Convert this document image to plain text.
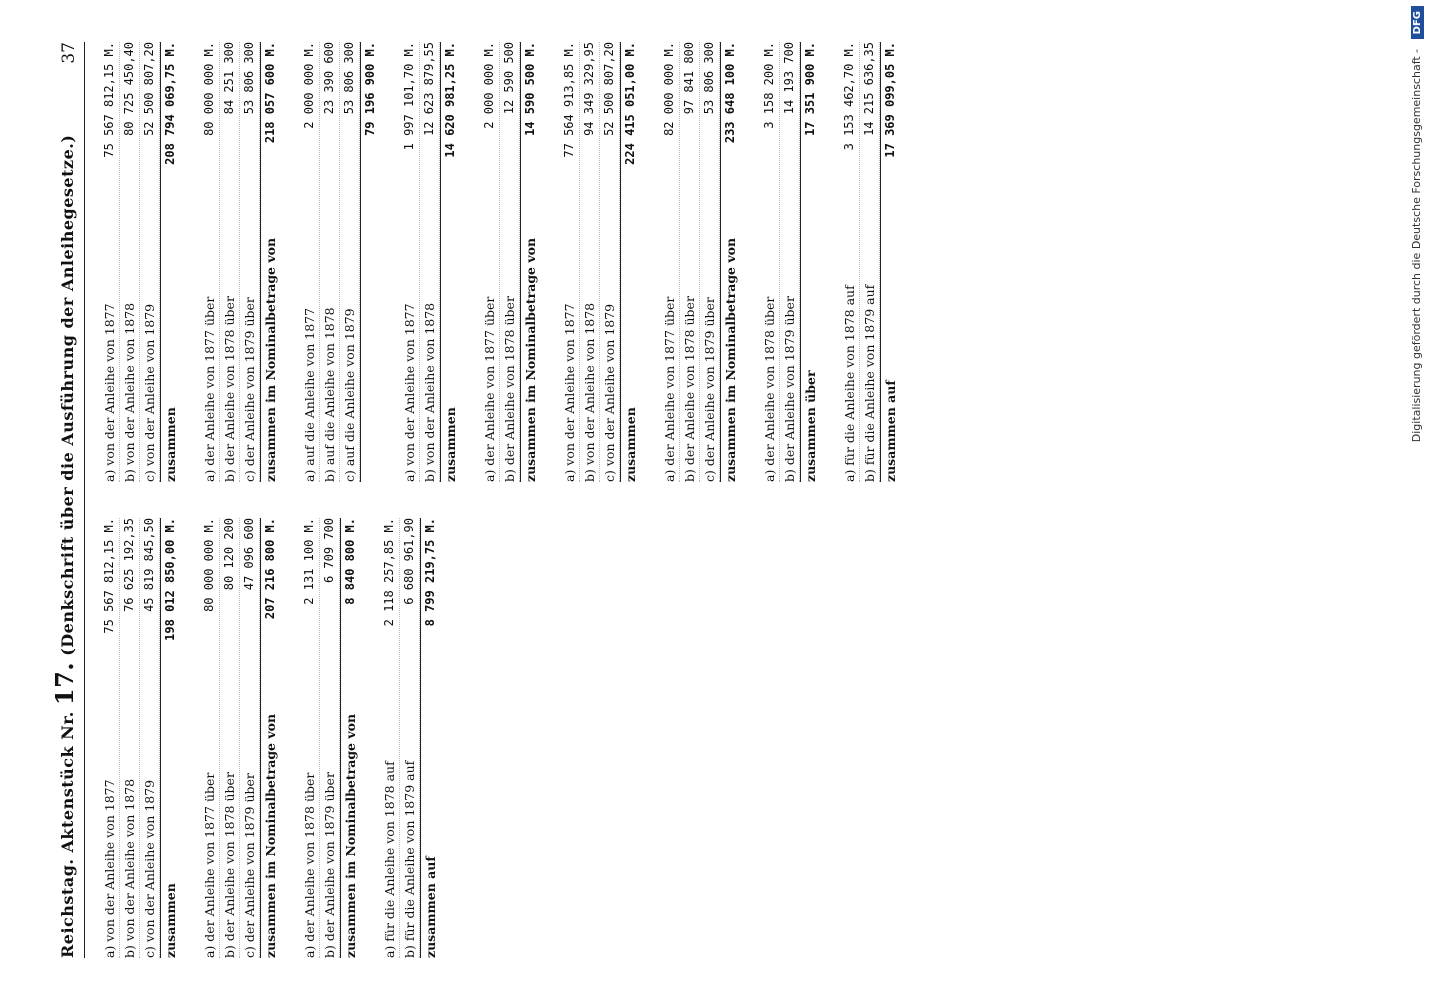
Reichstag. Aktenstück Nr. 17. (Denkschrift über die Ausführung der Anleihegesetze.)
37
a) von der Anleihe von 1877
75 567 812,15 M.
b) von der Anleihe von 1878
76 625 192,35
c) von der Anleihe von 1879
45 819 845,50
zusammen
198 012 850,00 M.
a) der Anleihe von 1877 über
80 000 000 M.
b) der Anleihe von 1878 über
80 120 200
c) der Anleihe von 1879 über
47 096 600
zusammen im Nominalbetrage von
207 216 800 M.
a) der Anleihe von 1878 über
2 131 100 M.
b) der Anleihe von 1879 über
6 709 700
zusammen im Nominalbetrage von
8 840 800 M.
a) für die Anleihe von 1878 auf
2 118 257,85 M.
b) für die Anleihe von 1879 auf
6 680 961,90
zusammen auf
8 799 219,75 M.
a) von der Anleihe von 1877
75 567 812,15 M.
b) von der Anleihe von 1878
80 725 450,40
c) von der Anleihe von 1879
52 500 807,20
zusammen
208 794 069,75 M.
a) der Anleihe von 1877 über
80 000 000 M.
b) der Anleihe von 1878 über
84 251 300
c) der Anleihe von 1879 über
53 806 300
zusammen im Nominalbetrage von
218 057 600 M.
a) auf die Anleihe von 1877
2 000 000 M.
b) auf die Anleihe von 1878
23 390 600
c) auf die Anleihe von 1879
53 806 300 79 196 900 M.
a) von der Anleihe von 1877
1 997 101,70 M.
b) von der Anleihe von 1878
12 623 879,55
zusammen
14 620 981,25 M.
a) der Anleihe von 1877 über
2 000 000 M.
b) der Anleihe von 1878 über
12 590 500
zusammen im Nominalbetrage von
14 590 500 M.
a) von der Anleihe von 1877
77 564 913,85 M.
b) von der Anleihe von 1878
94 349 329,95
c) von der Anleihe von 1879
52 500 807,20
zusammen
224 415 051,00 M.
a) der Anleihe von 1877 über
82 000 000 M.
b) der Anleihe von 1878 über
97 841 800
c) der Anleihe von 1879 über
53 806 300
zusammen im Nominalbetrage von
233 648 100 M.
a) der Anleihe von 1878 über
3 158 200 M.
b) der Anleihe von 1879 über
14 193 700
zusammen über
17 351 900 M.
a) für die Anleihe von 1878 auf
3 153 462,70 M.
b) für die Anleihe von 1879 auf
14 215 636,35
zusammen auf
17 369 099,05 M.	Digitalisierung gefördert durch die Deutsche Forschungsgemeinschaft - DFG
